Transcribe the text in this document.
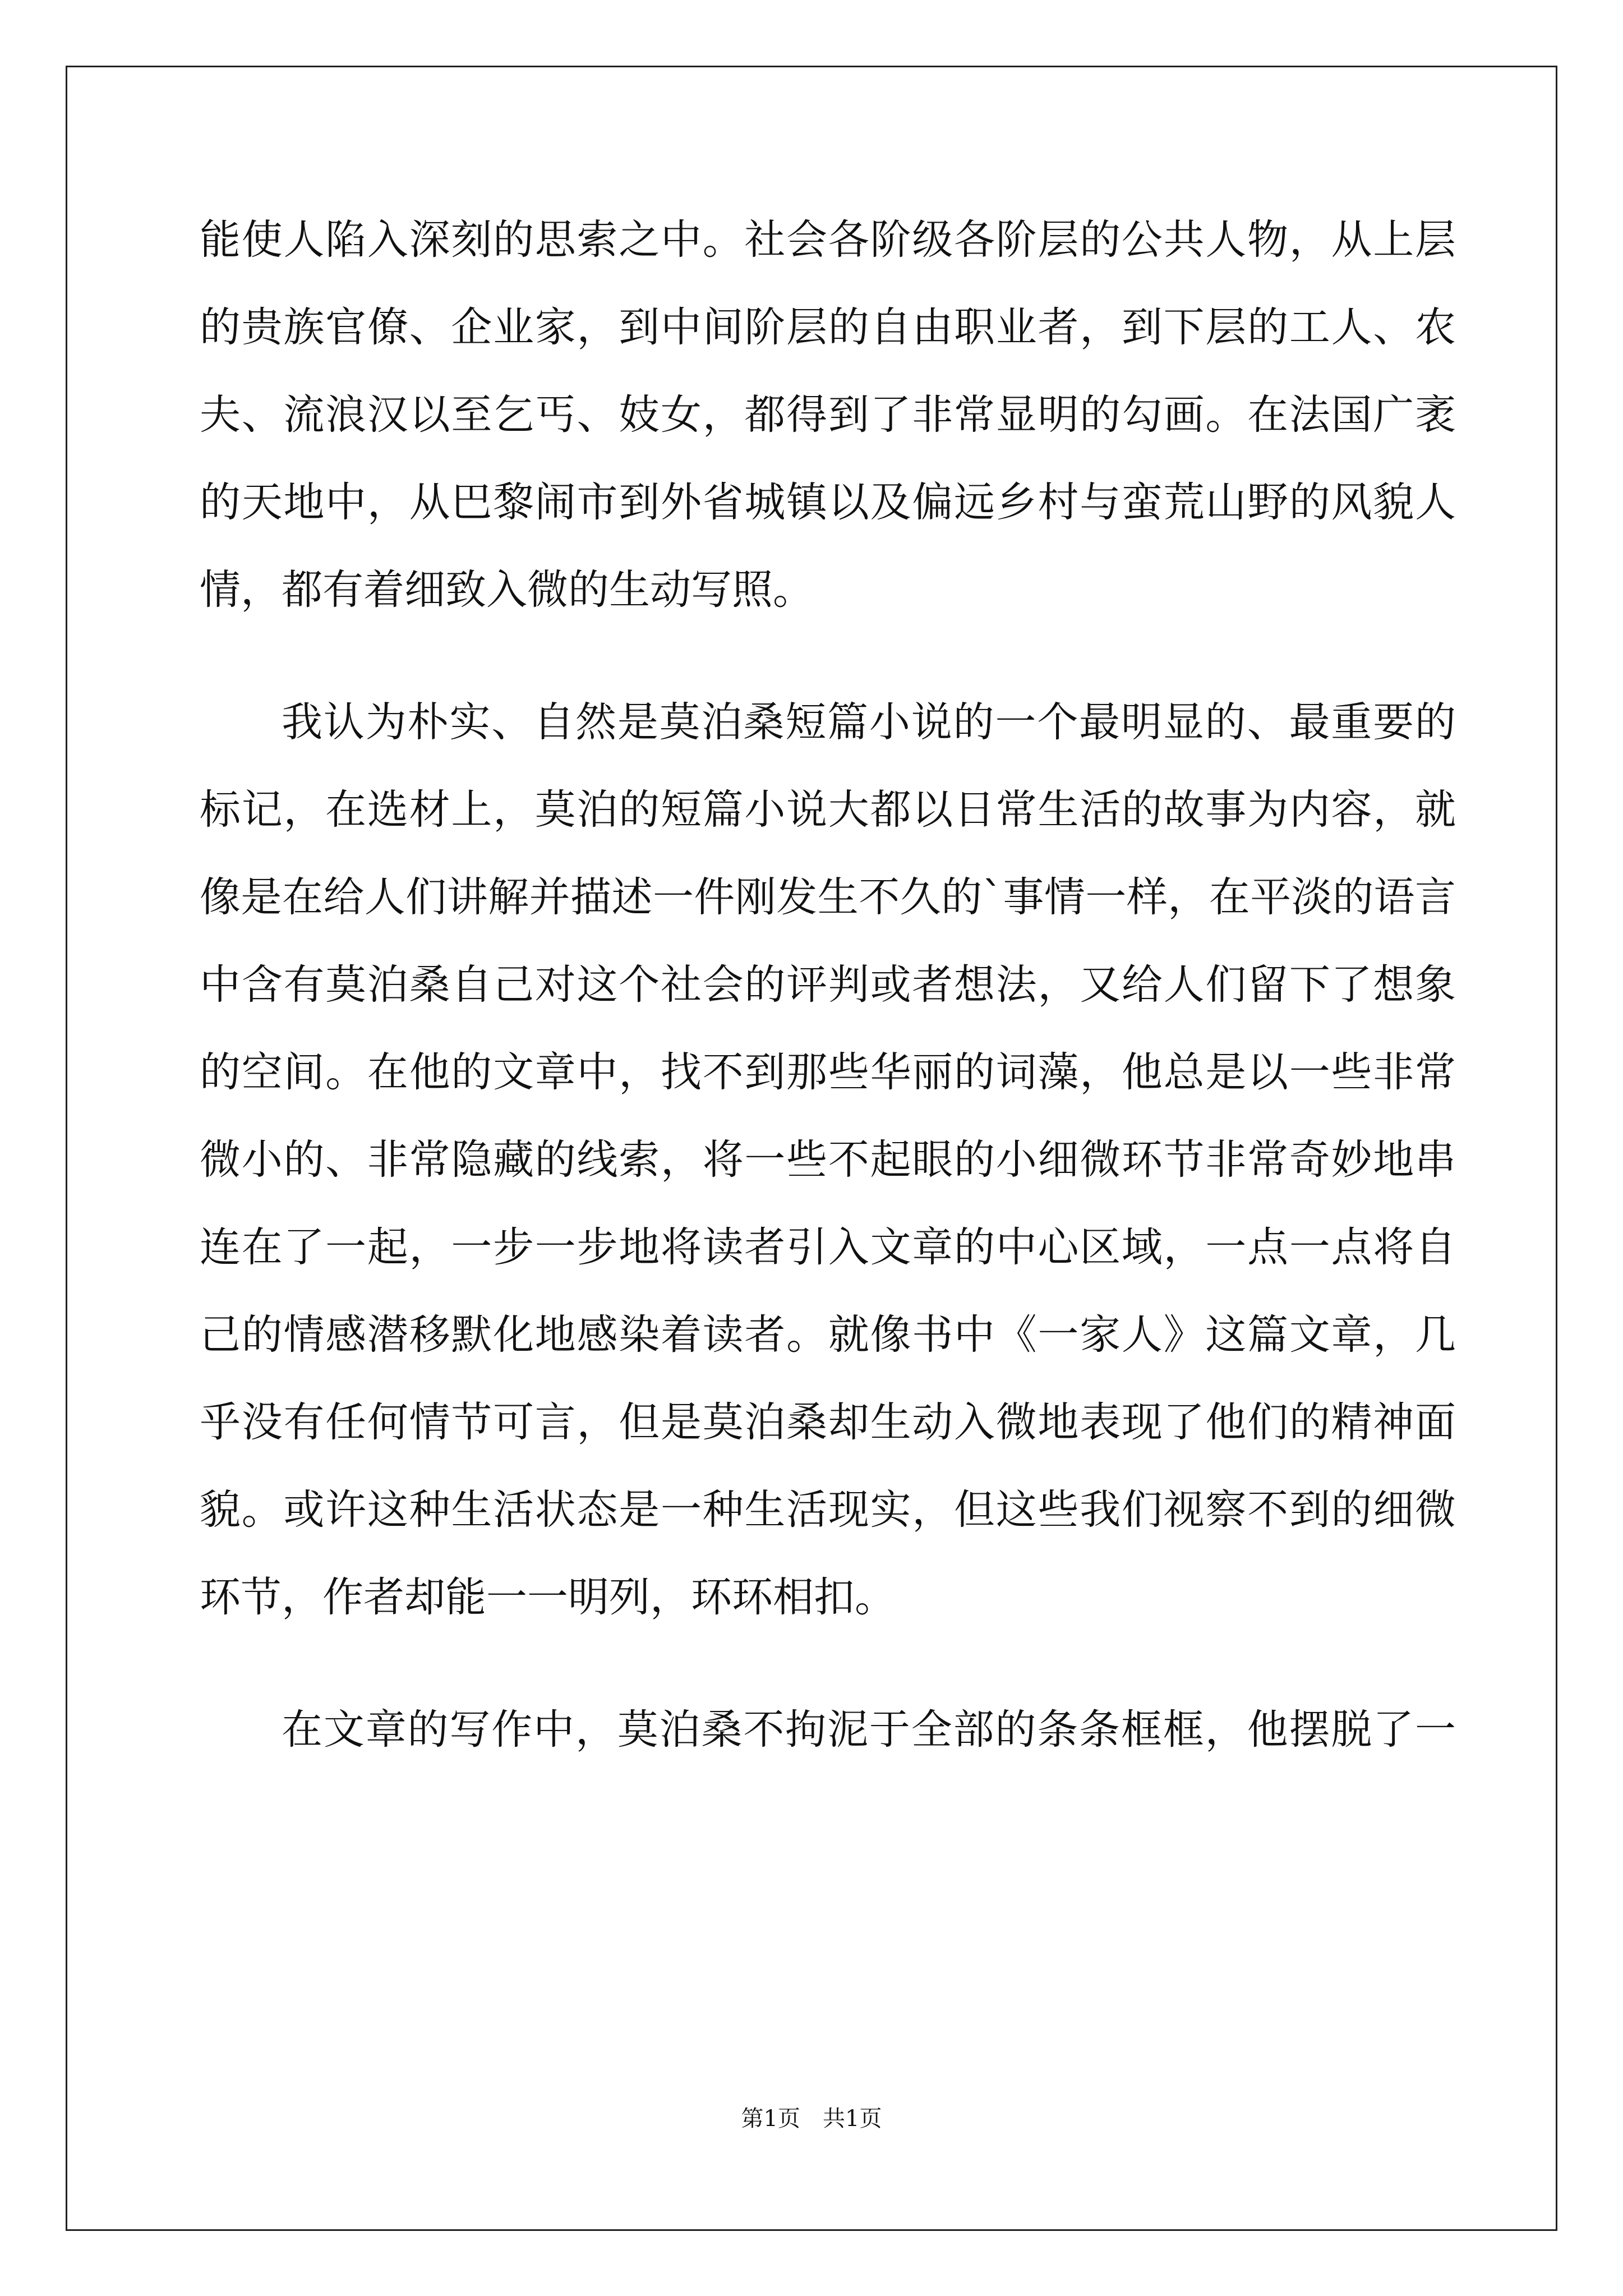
能使人陷入深刻的思索之中。社会各阶级各阶层的公共人物，从上层
的贵族官僚、企业家，到中间阶层的自由职业者，到下层的工人、农
夫、流浪汉以至乞丐、妓女，都得到了非常显明的勾画。在法国广袤
的天地中，从巴黎闹市到外省城镇以及偏远乡村与蛮荒山野的风貌人
情，都有着细致入微的生动写照。
我认为朴实、自然是莫泊桑短篇小说的一个最明显的、最重要的
标记，在选材上，莫泊的短篇小说大都以日常生活的故事为内容，就
像是在给人们讲解并描述一件刚发生不久的`事情一样，在平淡的语言
中含有莫泊桑自己对这个社会的评判或者想法，又给人们留下了想象
的空间。在他的文章中，找不到那些华丽的词藻，他总是以一些非常
微小的、非常隐藏的线索，将一些不起眼的小细微环节非常奇妙地串
连在了一起，一步一步地将读者引入文章的中心区域，一点一点将自
己的情感潜移默化地感染着读者。就像书中《一家人》这篇文章，几
乎没有任何情节可言，但是莫泊桑却生动入微地表现了他们的精神面
貌。或许这种生活状态是一种生活现实，但这些我们视察不到的细微
环节，作者却能一一明列，环环相扣。
在文章的写作中，莫泊桑不拘泥于全部的条条框框，他摆脱了一
第1页　共1页
